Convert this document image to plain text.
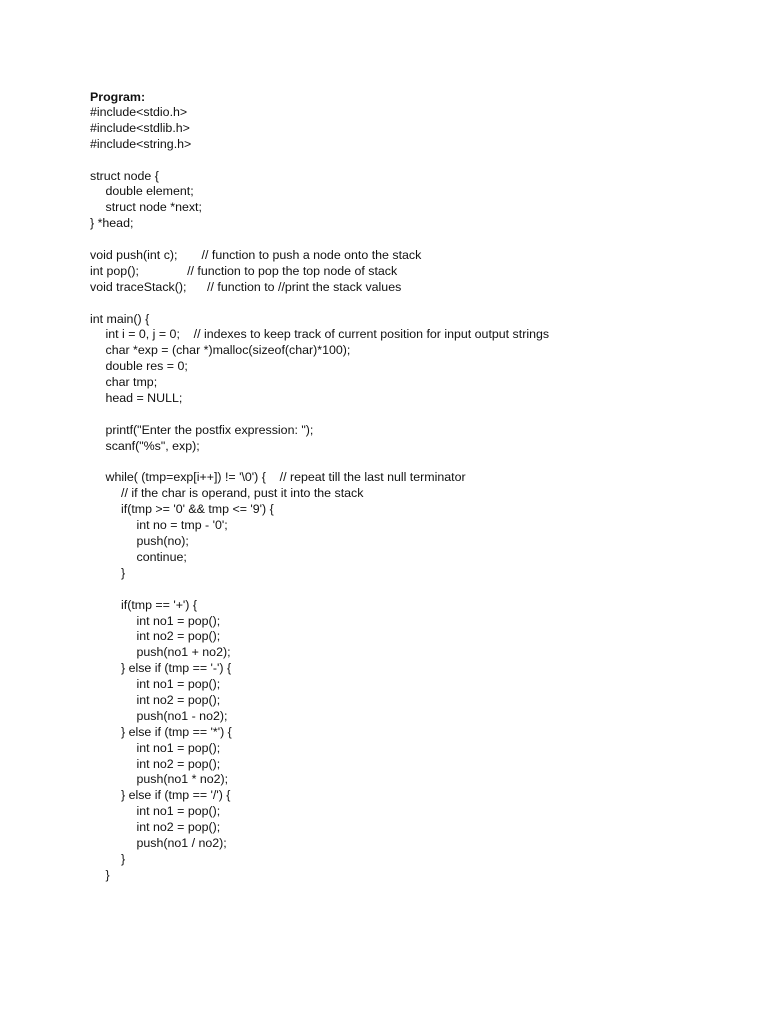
Program:
#include<stdio.h>
#include<stdlib.h>
#include<string.h>
struct node {
double element;
struct node *next;
} *head;
void push(int c);       // function to push a node onto the stack
int pop();              // function to pop the top node of stack
void traceStack();      // function to //print the stack values
int main() {
int i = 0, j = 0;    // indexes to keep track of current position for input output strings
char *exp = (char *)malloc(sizeof(char)*100);
double res = 0;
char tmp;
head = NULL;
printf("Enter the postfix expression: ");
scanf("%s", exp);
while( (tmp=exp[i++]) != '\0') {    // repeat till the last null terminator
// if the char is operand, pust it into the stack
if(tmp >= '0' && tmp <= '9') {
int no = tmp - '0';
push(no);
continue;
}
if(tmp == '+') {
int no1 = pop();
int no2 = pop();
push(no1 + no2);
} else if (tmp == '-') {
int no1 = pop();
int no2 = pop();
push(no1 - no2);
} else if (tmp == '*') {
int no1 = pop();
int no2 = pop();
push(no1 * no2);
} else if (tmp == '/') {
int no1 = pop();
int no2 = pop();
push(no1 / no2);
}
}
